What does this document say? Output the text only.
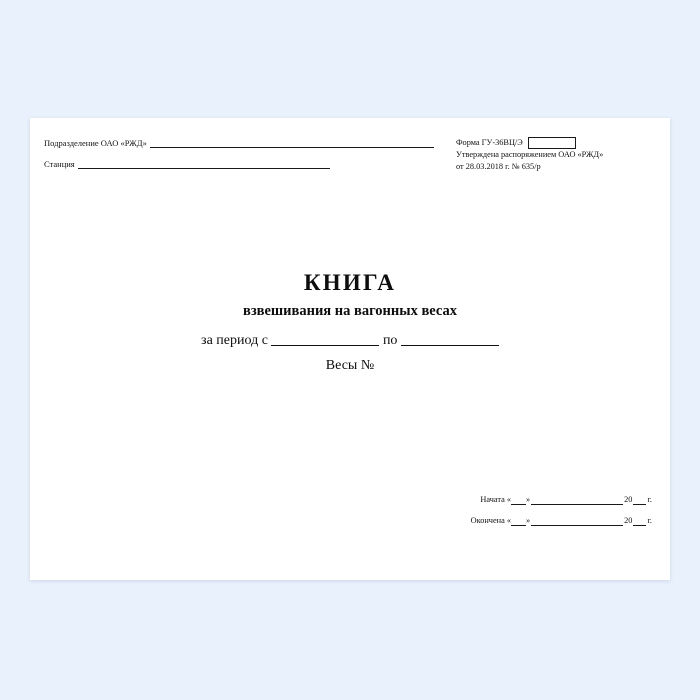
Подразделение ОАО «РЖД»
Станция
Форма ГУ-36ВЦ/Э
Утверждена распоряжением ОАО «РЖД»
от 28.03.2018 г. № 635/р
КНИГА
взвешивания на вагонных весах
за период с	по
Весы №
Начата « »	20 г.
Окончена « »	20 г.
